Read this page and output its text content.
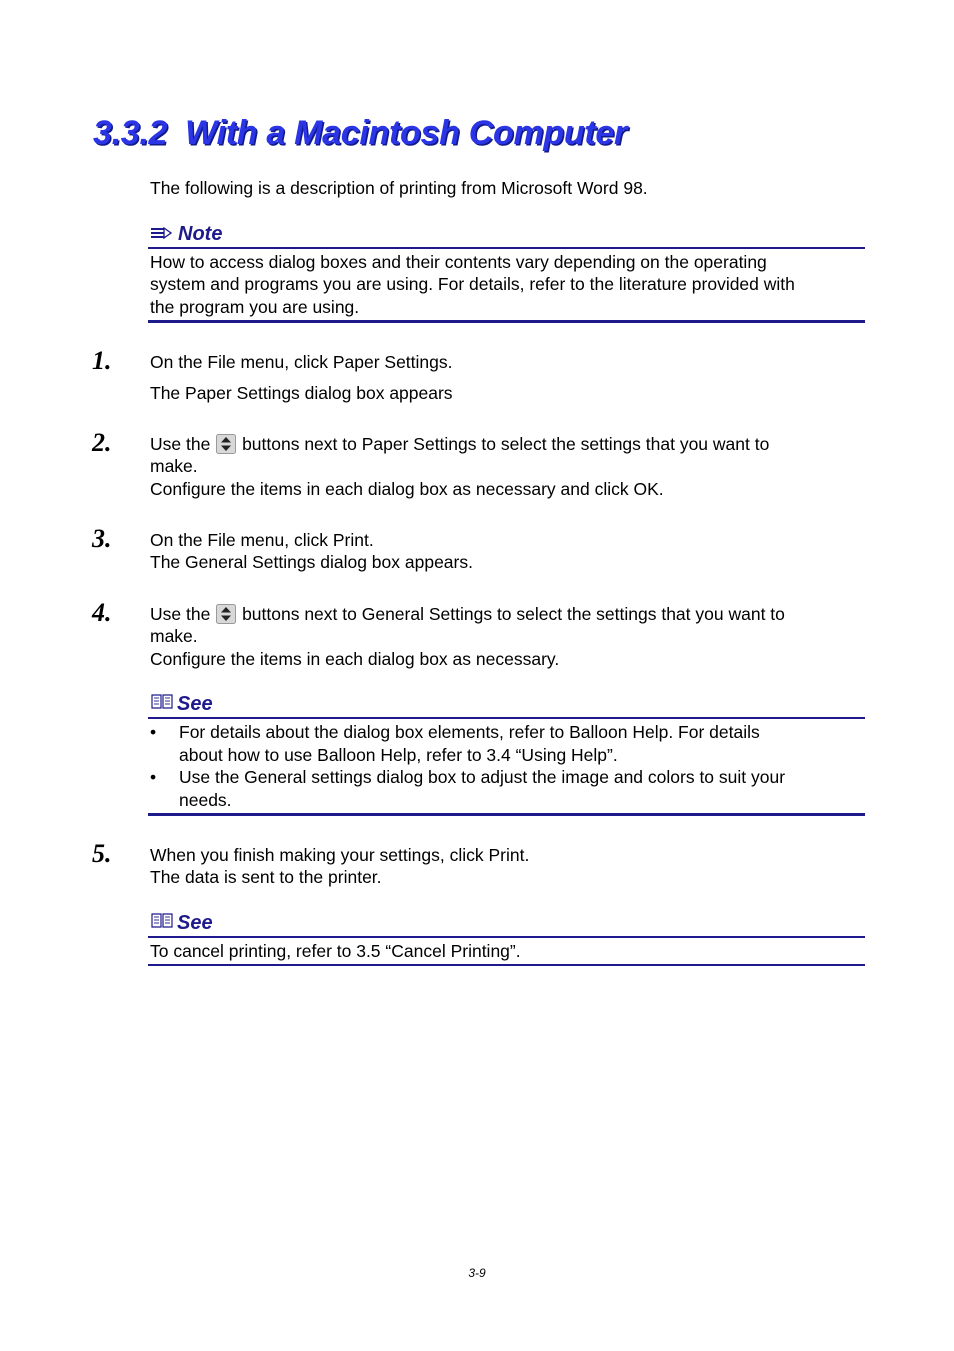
3.3.2 With a Macintosh Computer

The following is a description of printing from Microsoft Word 98.

Note

How to access dialog boxes and their contents vary depending on the operating

system and programs you are using. For details, refer to the literature provided with

the program you are using.

1. On the File menu, click Paper Settings.

The Paper Settings dialog box appears

2. Use the buttons next to Paper Settings to select the settings that you want to

make.

Configure the items in each dialog box as necessary and click OK.

3. On the File menu, click Print.

The General Settings dialog box appears.

4. Use the buttons next to General Settings to select the settings that you want to

make.

Configure the items in each dialog box as necessary.

See
• For details about the dialog box elements, refer to Balloon Help. For details
about how to use Balloon Help, refer to 3.4 “Using Help”.
• Use the General settings dialog box to adjust the image and colors to suit your
needs.
5. When you finish making your settings, click Print.

The data is sent to the printer.

See

To cancel printing, refer to 3.5 “Cancel Printing”.

3-9
